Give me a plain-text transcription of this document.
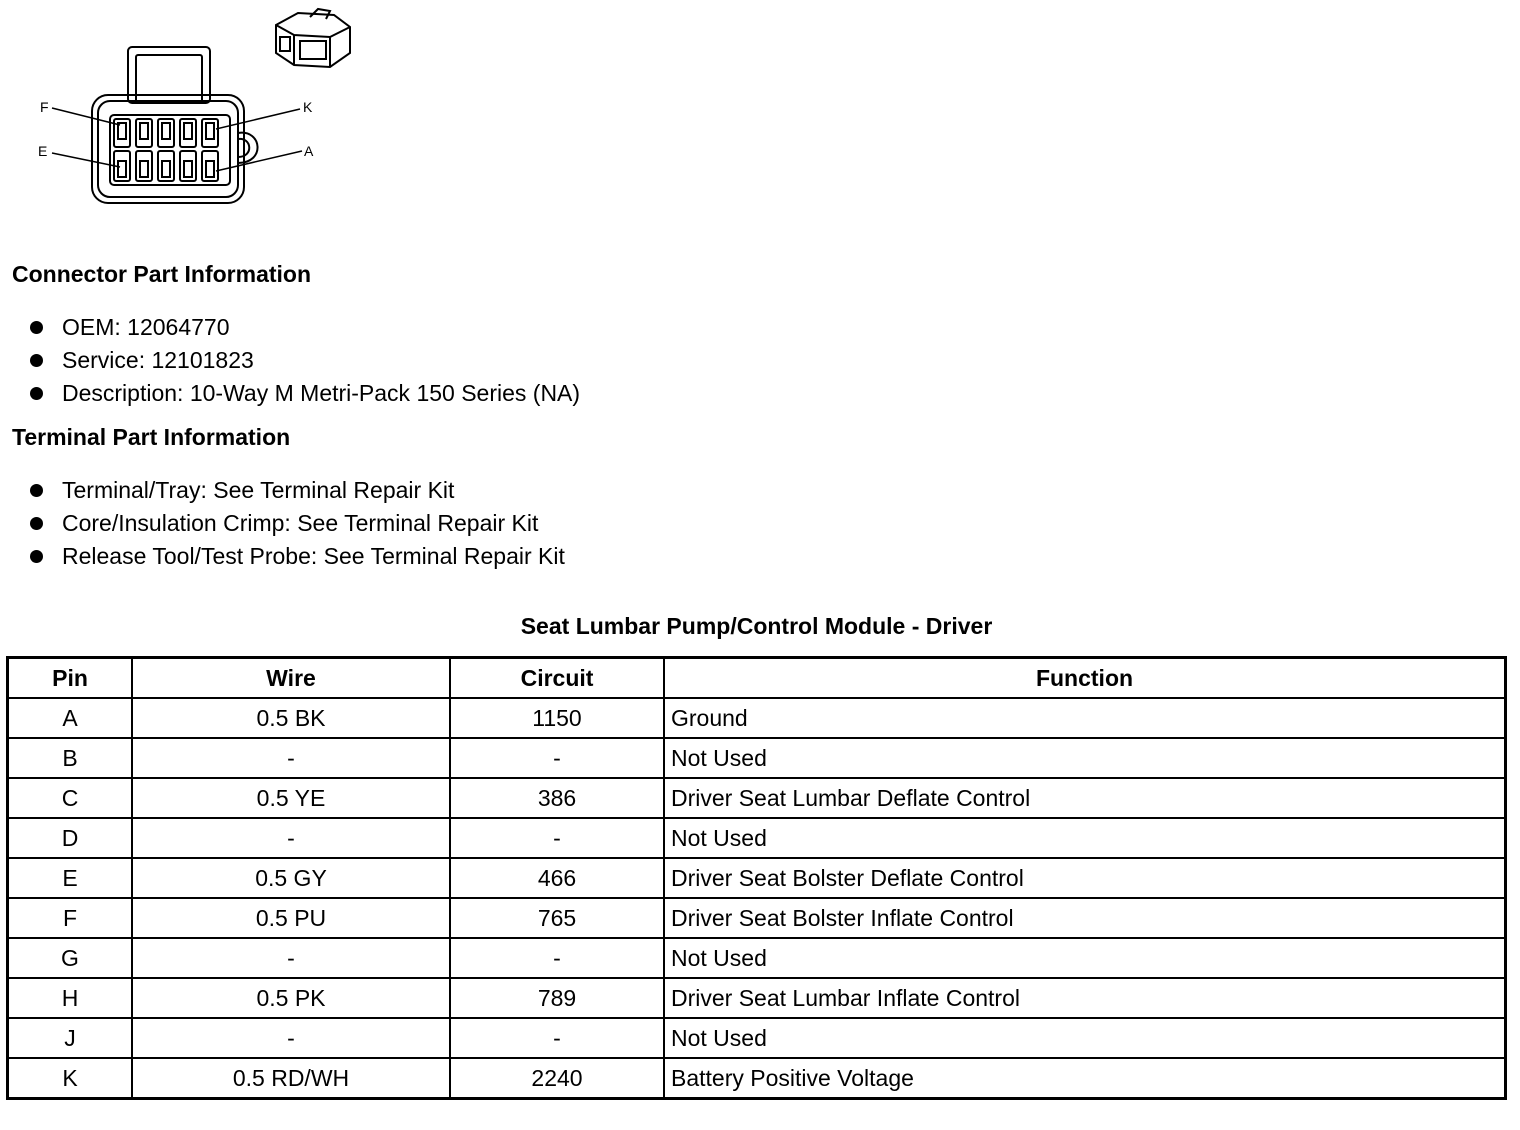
F
E
K
A
Connector Part Information
OEM: 12064770
Service: 12101823
Description: 10-Way M Metri-Pack 150 Series (NA)
Terminal Part Information
Terminal/Tray: See Terminal Repair Kit
Core/Insulation Crimp: See Terminal Repair Kit
Release Tool/Test Probe: See Terminal Repair Kit
Seat Lumbar Pump/Control Module - Driver
Pin	Wire	Circuit	Function
A	0.5 BK	1150	Ground
B	-	-	Not Used
C	0.5 YE	386	Driver Seat Lumbar Deflate Control
D	-	-	Not Used
E	0.5 GY	466	Driver Seat Bolster Deflate Control
F	0.5 PU	765	Driver Seat Bolster Inflate Control
G	-	-	Not Used
H	0.5 PK	789	Driver Seat Lumbar Inflate Control
J	-	-	Not Used
K	0.5 RD/WH	2240	Battery Positive Voltage
